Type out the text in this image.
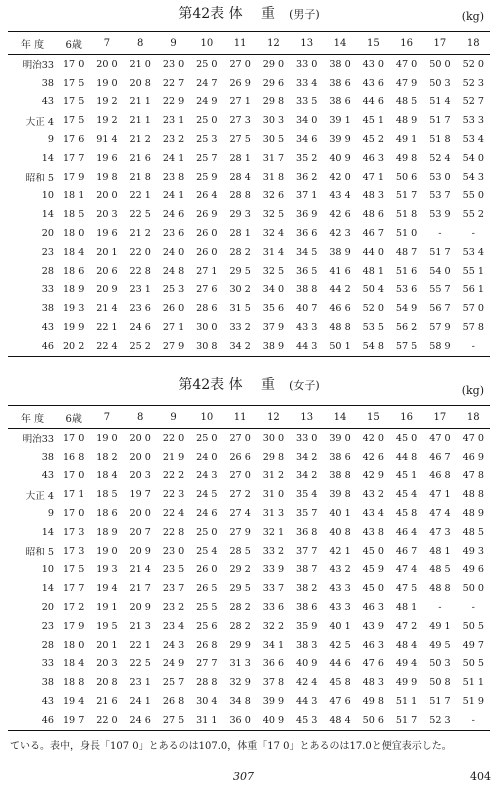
第42表 体　 重 (男子)	(kg)
年 度	6歳	7	8	9	10	11	12	13	14	15	16	17	18
明治33	17 0	20 0	21 0	23 0	25 0	27 0	29 0	33 0	38 0	43 0	47 0	50 0	52 0
38	17 5	19 0	20 8	22 7	24 7	26 9	29 6	33 4	38 6	43 6	47 9	50 3	52 3
43	17 5	19 2	21 1	22 9	24 9	27 1	29 8	33 5	38 6	44 6	48 5	51 4	52 7
大正 4	17 5	19 2	21 1	23 1	25 0	27 3	30 3	34 0	39 1	45 1	48 9	51 7	53 3
9	17 6	91 4	21 2	23 2	25 3	27 5	30 5	34 6	39 9	45 2	49 1	51 8	53 4
14	17 7	19 6	21 6	24 1	25 7	28 1	31 7	35 2	40 9	46 3	49 8	52 4	54 0
昭和 5	17 9	19 8	21 8	23 8	25 9	28 4	31 8	36 2	42 0	47 1	50 6	53 0	54 3
10	18 1	20 0	22 1	24 1	26 4	28 8	32 6	37 1	43 4	48 3	51 7	53 7	55 0
14	18 5	20 3	22 5	24 6	26 9	29 3	32 5	36 9	42 6	48 6	51 8	53 9	55 2
20	18 0	19 6	21 2	23 6	26 0	28 1	32 4	36 6	42 3	46 7	51 0	-	-
23	18 4	20 1	22 0	24 0	26 0	28 2	31 4	34 5	38 9	44 0	48 7	51 7	53 4
28	18 6	20 6	22 8	24 8	27 1	29 5	32 5	36 5	41 6	48 1	51 6	54 0	55 1
33	18 9	20 9	23 1	25 3	27 6	30 2	34 0	38 8	44 2	50 4	53 6	55 7	56 1
38	19 3	21 4	23 6	26 0	28 6	31 5	35 6	40 7	46 6	52 0	54 9	56 7	57 0
43	19 9	22 1	24 6	27 1	30 0	33 2	37 9	43 3	48 8	53 5	56 2	57 9	57 8
46	20 2	22 4	25 2	27 9	30 8	34 2	38 9	44 3	50 1	54 8	57 5	58 9	-
第42表 体　 重 (女子)	(kg)
年 度	6歳	7	8	9	10	11	12	13	14	15	16	17	18
明治33	17 0	19 0	20 0	22 0	25 0	27 0	30 0	33 0	39 0	42 0	45 0	47 0	47 0
38	16 8	18 2	20 0	21 9	24 0	26 6	29 8	34 2	38 6	42 6	44 8	46 7	46 9
43	17 0	18 4	20 3	22 2	24 3	27 0	31 2	34 2	38 8	42 9	45 1	46 8	47 8
大正 4	17 1	18 5	19 7	22 3	24 5	27 2	31 0	35 4	39 8	43 2	45 4	47 1	48 8
9	17 0	18 6	20 0	22 4	24 6	27 4	31 3	35 7	40 1	43 4	45 8	47 4	48 9
14	17 3	18 9	20 7	22 8	25 0	27 9	32 1	36 8	40 8	43 8	46 4	47 3	48 5
昭和 5	17 3	19 0	20 9	23 0	25 4	28 5	33 2	37 7	42 1	45 0	46 7	48 1	49 3
10	17 5	19 3	21 4	23 5	26 0	29 2	33 9	38 7	43 2	45 9	47 4	48 5	49 6
14	17 7	19 4	21 7	23 7	26 5	29 5	33 7	38 2	43 3	45 0	47 5	48 8	50 0
20	17 2	19 1	20 9	23 2	25 5	28 2	33 6	38 6	43 3	46 3	48 1	-	-
23	17 9	19 5	21 3	23 4	25 6	28 2	32 2	35 9	40 1	43 9	47 2	49 1	50 5
28	18 0	20 1	22 1	24 3	26 8	29 9	34 1	38 3	42 5	46 3	48 4	49 5	49 7
33	18 4	20 3	22 5	24 9	27 7	31 3	36 6	40 9	44 6	47 6	49 4	50 3	50 5
38	18 8	20 8	23 1	25 7	28 8	32 9	37 8	42 4	45 8	48 3	49 9	50 8	51 1
43	19 4	21 6	24 1	26 8	30 4	34 8	39 9	44 3	47 6	49 8	51 1	51 7	51 9
46	19 7	22 0	24 6	27 5	31 1	36 0	40 9	45 3	48 4	50 6	51 7	52 3	-
ている。表中，身長「107 0」とあるのは107.0，体重「17 0」とあるのは17.0と便宜表示した。
307	404
